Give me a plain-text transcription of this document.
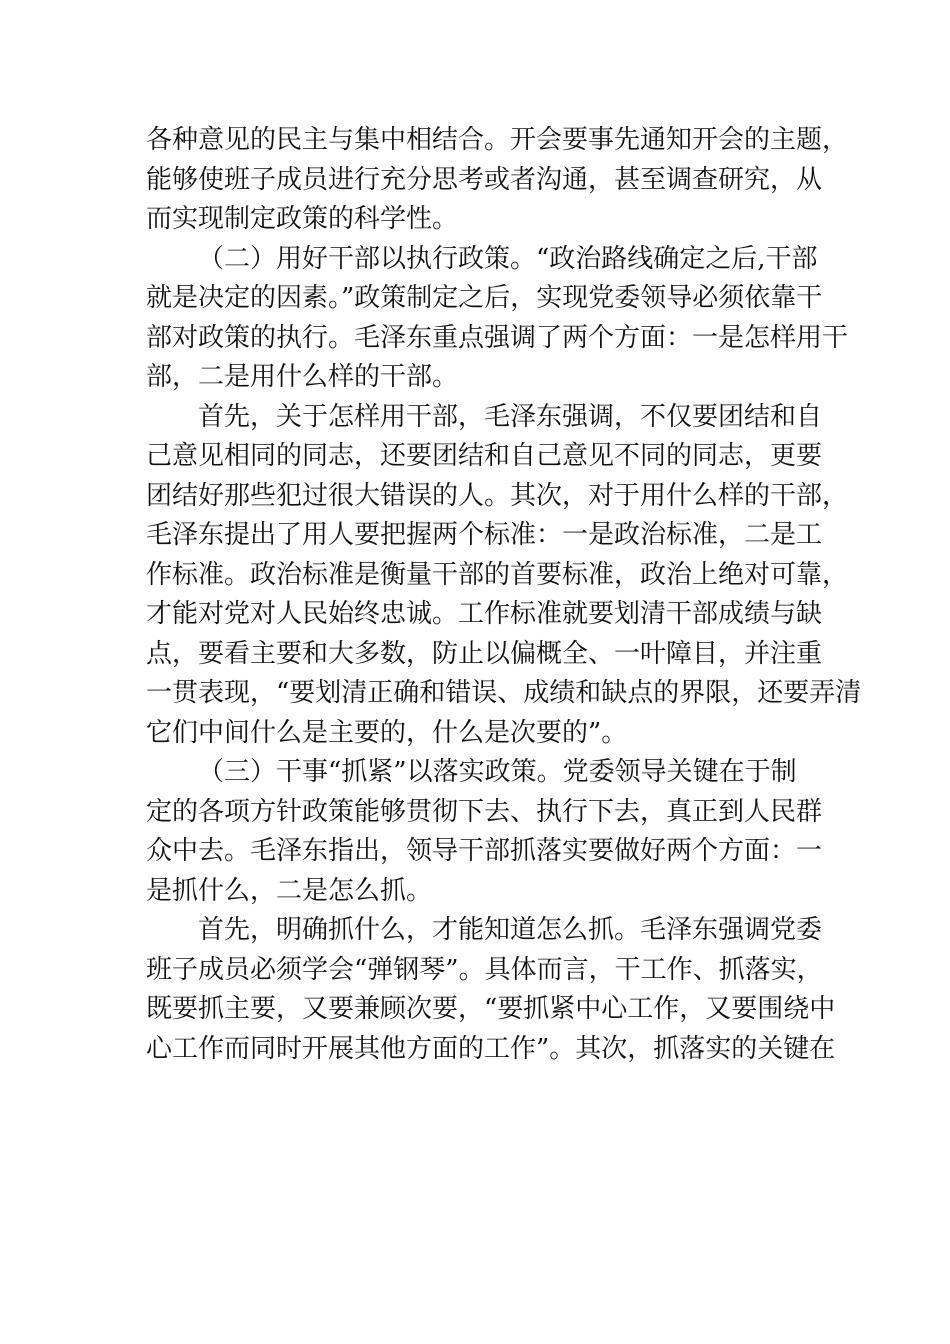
各种意见的民主与集中相结合。开会要事先通知开会的主题，
能够使班子成员进行充分思考或者沟通，甚至调查研究，从
而实现制定政策的科学性。
（二）用好干部以执行政策。“政治路线确定之后,干部
就是决定的因素。”政策制定之后，实现党委领导必须依靠干
部对政策的执行。毛泽东重点强调了两个方面：一是怎样用干
部，二是用什么样的干部。
首先，关于怎样用干部，毛泽东强调，不仅要团结和自
己意见相同的同志，还要团结和自己意见不同的同志，更要
团结好那些犯过很大错误的人。其次，对于用什么样的干部，
毛泽东提出了用人要把握两个标准：一是政治标准，二是工
作标准。政治标准是衡量干部的首要标准，政治上绝对可靠，
才能对党对人民始终忠诚。工作标准就要划清干部成绩与缺
点，要看主要和大多数，防止以偏概全、一叶障目，并注重
一贯表现，“要划清正确和错误、成绩和缺点的界限，还要弄清
它们中间什么是主要的，什么是次要的”。
（三）干事“抓紧”以落实政策。党委领导关键在于制
定的各项方针政策能够贯彻下去、执行下去，真正到人民群
众中去。毛泽东指出，领导干部抓落实要做好两个方面：一
是抓什么，二是怎么抓。
首先，明确抓什么，才能知道怎么抓。毛泽东强调党委
班子成员必须学会“弹钢琴”。具体而言，干工作、抓落实，
既要抓主要，又要兼顾次要，“要抓紧中心工作，又要围绕中
心工作而同时开展其他方面的工作”。其次，抓落实的关键在
